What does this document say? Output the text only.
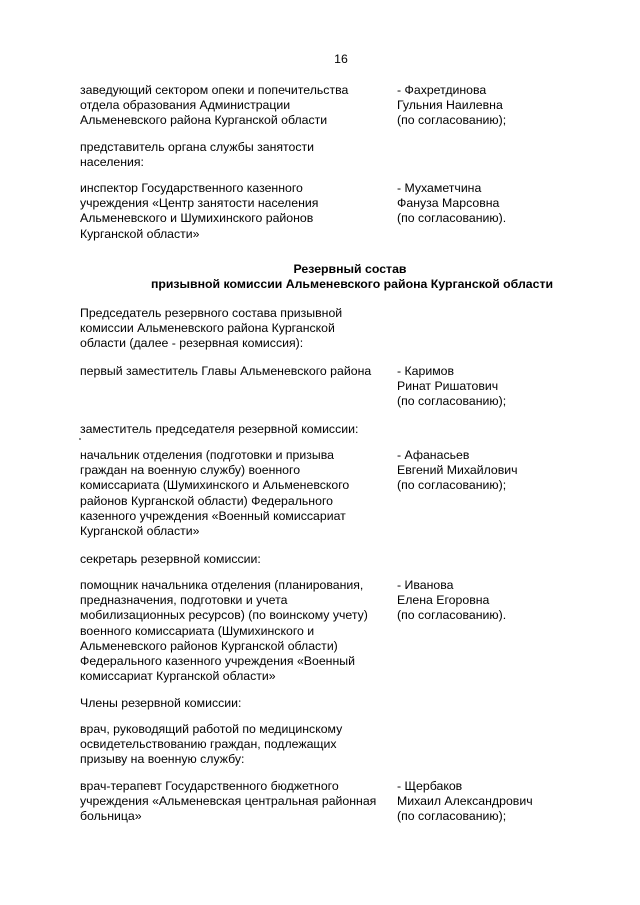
16
заведующий сектором опеки и попечительства
отдела образования Администрации
Альменевского района Курганской области
- Фахретдинова
Гульния Наилевна
(по согласованию);
представитель органа службы занятости
населения:
инспектор Государственного казенного
учреждения «Центр занятости населения
Альменевского и Шумихинского районов
Курганской области»
- Мухаметчина
Фануза Марсовна
(по согласованию).
Резервный состав
призывной комиссии Альменевского района Курганской области
Председатель резервного состава призывной
комиссии Альменевского района Курганской
области (далее - резервная комиссия):
первый заместитель Главы Альменевского района	- Каримов
Ринат Ришатович
(по согласованию);
заместитель председателя резервной комиссии:
начальник отделения (подготовки и призыва
граждан на военную службу) военного
комиссариата (Шумихинского и Альменевского
районов Курганской области) Федерального
казенного учреждения «Военный комиссариат
Курганской области»
- Афанасьев
Евгений Михайлович
(по согласованию);
секретарь резервной комиссии:
помощник начальника отделения (планирования,
предназначения, подготовки и учета
мобилизационных ресурсов) (по воинскому учету)
военного комиссариата (Шумихинского и
Альменевского районов Курганской области)
Федерального казенного учреждения «Военный
комиссариат Курганской области»
- Иванова
Елена Егоровна
(по согласованию).
Члены резервной комиссии:
врач, руководящий работой по медицинскому
освидетельствованию граждан, подлежащих
призыву на военную службу:
врач-терапевт Государственного бюджетного
учреждения «Альменевская центральная районная
больница»
- Щербаков
Михаил Александрович
(по согласованию);
